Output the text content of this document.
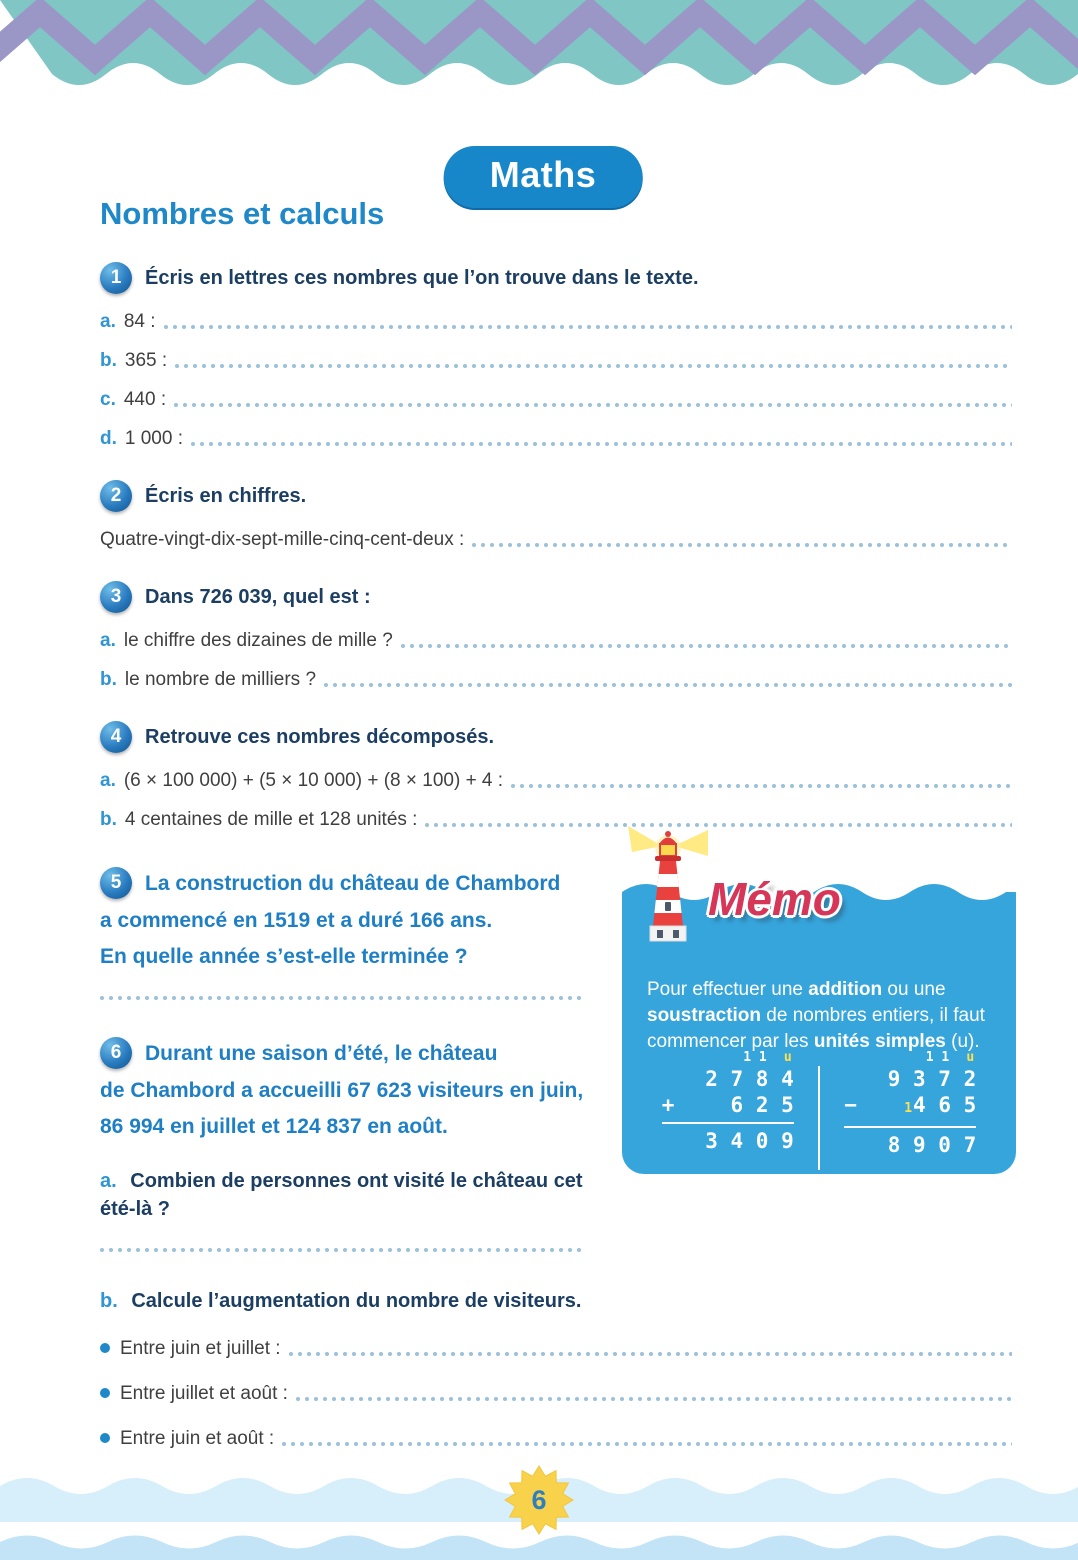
Maths
Nombres et calculs
1	Écris en lettres ces nombres que l’on trouve dans le texte.
a. 84 :
b. 365 :
c. 440 :
d. 1 000 :
2	Écris en chiffres.
Quatre-vingt-dix-sept-mille-cinq-cent-deux :
3	Dans 726 039, quel est :
a. le chiffre des dizaines de mille ?
b. le nombre de milliers ?
4	Retrouve ces nombres décomposés.
a. (6 × 100 000) + (5 × 10 000) + (8 × 100) + 4 :
b. 4 centaines de mille et 128 unités :
5	La construction du château de Chambord

a commencé en 1519 et a duré 166 ans.

En quelle année s’est-elle terminée ?

6	Durant une saison d’été, le château

de Chambord a accueilli 67 623 visiteurs en juin,

86 994 en juillet et 124 837 en août.

a. Combien de personnes ont visité le château cet été-là ?

b. Calcule l’augmentation du nombre de visiteurs.

Entre juin et juillet :
Entre juillet et août :
Entre juin et août :
Mémo

Pour effectuer une addition ou une soustraction de nombres entiers, il faut commencer par les unités simples (u).

1 1 u
2 7 8 4
+	6 2 5
3 4 0 9
1 1 u
9 3 7 2
−	14 6 5
8 9 0 7
6
